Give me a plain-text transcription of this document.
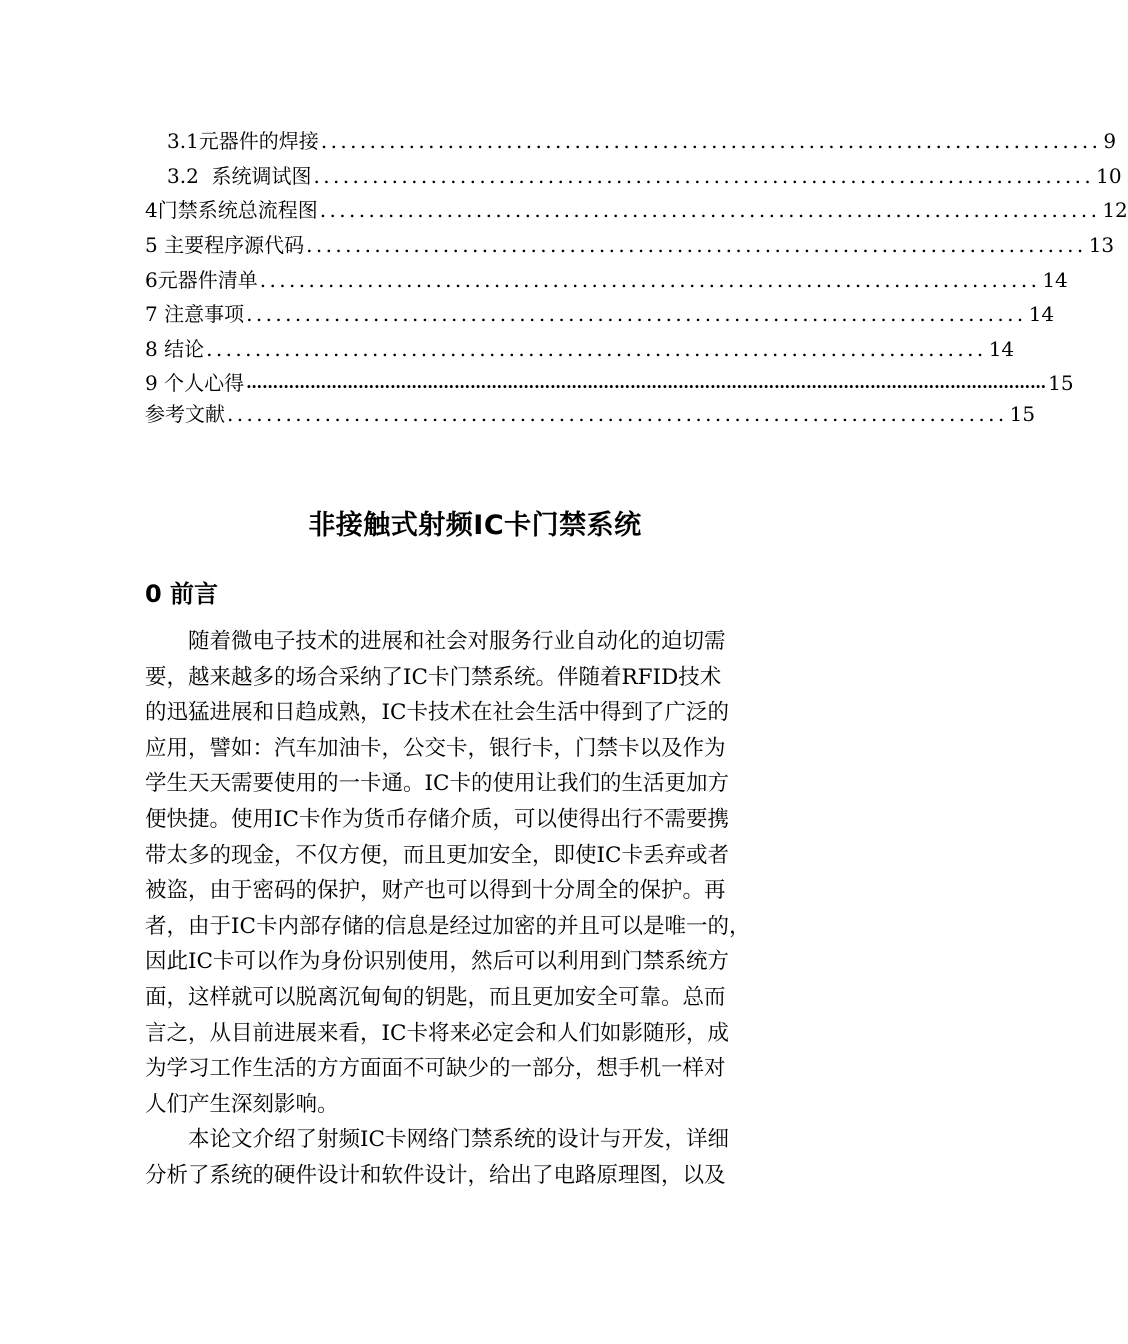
3.1元器件的焊接 ................................................................................ 9
3.2  系统调试图 ................................................................................ 10
4门禁系统总流程图 ................................................................................ 12
5 主要程序源代码 ................................................................................ 13
6元器件清单 ................................................................................ 14
7 注意事项 ................................................................................ 14
8 结论 ................................................................................ 14
9 个人心得 …………………………………………………………………………………………………………………………………… 15
参考文献 ................................................................................ 15
非接触式射频IC卡门禁系统
0 前言
随着微电子技术的进展和社会对服务行业自动化的迫切需
要，越来越多的场合采纳了IC卡门禁系统。伴随着RFID技术
的迅猛进展和日趋成熟，IC卡技术在社会生活中得到了广泛的
应用，譬如：汽车加油卡，公交卡，银行卡，门禁卡以及作为
学生天天需要使用的一卡通。IC卡的使用让我们的生活更加方
便快捷。使用IC卡作为货币存储介质，可以使得出行不需要携
带太多的现金，不仅方便，而且更加安全，即使IC卡丢弃或者
被盗，由于密码的保护，财产也可以得到十分周全的保护。再
者，由于IC卡内部存储的信息是经过加密的并且可以是唯一的，
因此IC卡可以作为身份识别使用，然后可以利用到门禁系统方
面，这样就可以脱离沉甸甸的钥匙，而且更加安全可靠。总而
言之，从目前进展来看，IC卡将来必定会和人们如影随形，成
为学习工作生活的方方面面不可缺少的一部分，想手机一样对
人们产生深刻影响。
本论文介绍了射频IC卡网络门禁系统的设计与开发，详细
分析了系统的硬件设计和软件设计，给出了电路原理图，以及
